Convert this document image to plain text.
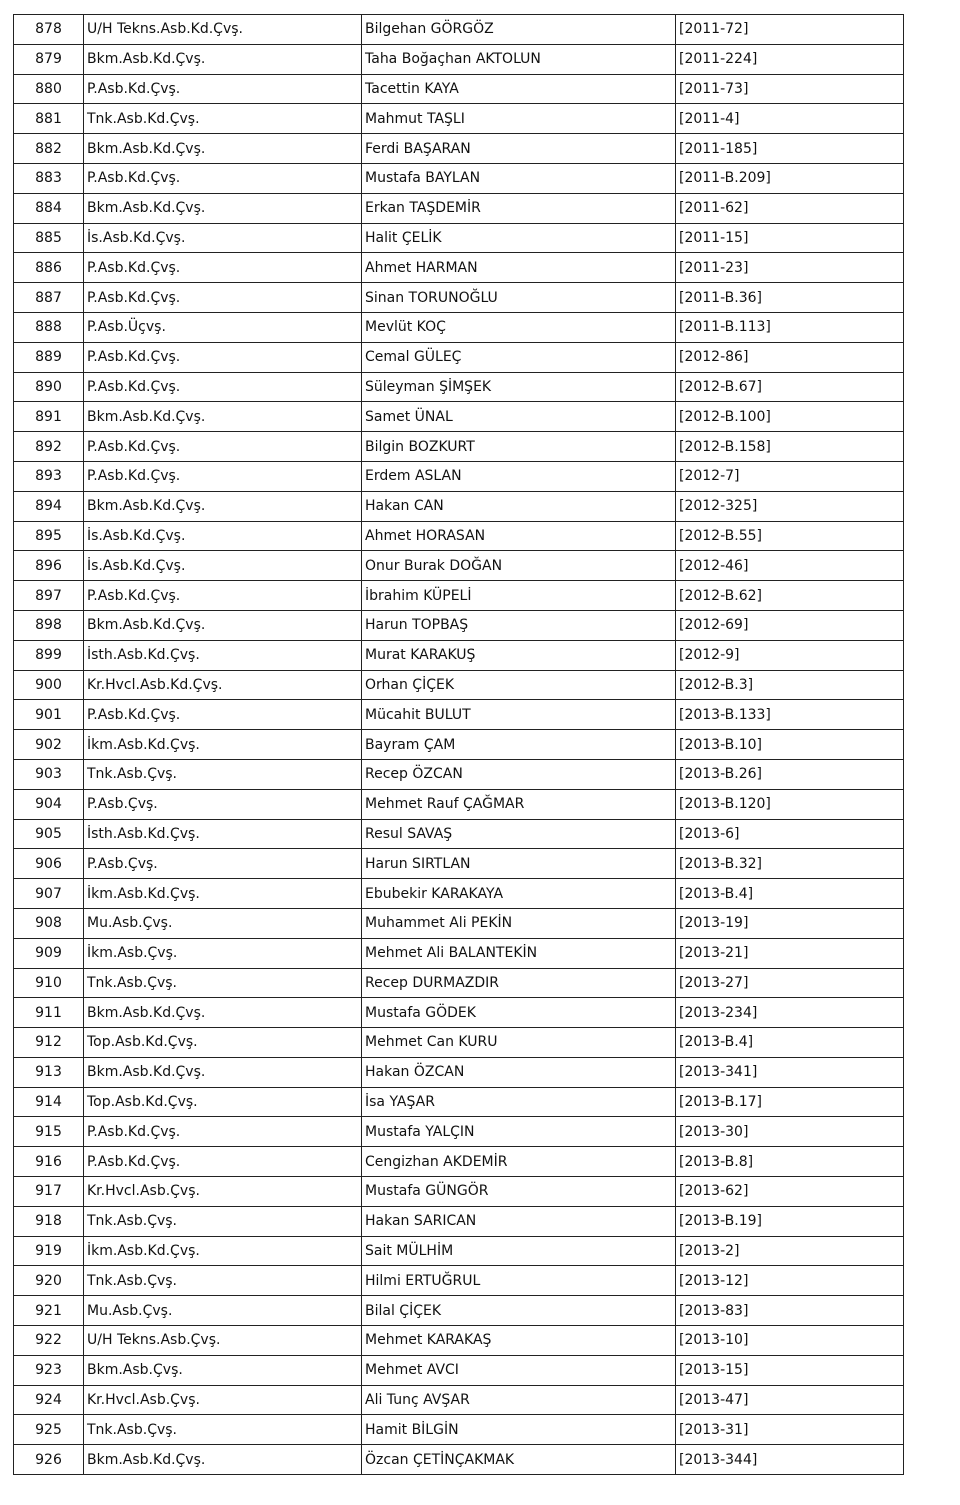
878	U/H Tekns.Asb.Kd.Çvş.	Bilgehan GÖRGÖZ	[2011-72]
879	Bkm.Asb.Kd.Çvş.	Taha Boğaçhan AKTOLUN	[2011-224]
880	P.Asb.Kd.Çvş.	Tacettin KAYA	[2011-73]
881	Tnk.Asb.Kd.Çvş.	Mahmut TAŞLI	[2011-4]
882	Bkm.Asb.Kd.Çvş.	Ferdi BAŞARAN	[2011-185]
883	P.Asb.Kd.Çvş.	Mustafa BAYLAN	[2011-B.209]
884	Bkm.Asb.Kd.Çvş.	Erkan TAŞDEMİR	[2011-62]
885	İs.Asb.Kd.Çvş.	Halit ÇELİK	[2011-15]
886	P.Asb.Kd.Çvş.	Ahmet HARMAN	[2011-23]
887	P.Asb.Kd.Çvş.	Sinan TORUNOĞLU	[2011-B.36]
888	P.Asb.Üçvş.	Mevlüt KOÇ	[2011-B.113]
889	P.Asb.Kd.Çvş.	Cemal GÜLEÇ	[2012-86]
890	P.Asb.Kd.Çvş.	Süleyman ŞİMŞEK	[2012-B.67]
891	Bkm.Asb.Kd.Çvş.	Samet ÜNAL	[2012-B.100]
892	P.Asb.Kd.Çvş.	Bilgin BOZKURT	[2012-B.158]
893	P.Asb.Kd.Çvş.	Erdem ASLAN	[2012-7]
894	Bkm.Asb.Kd.Çvş.	Hakan CAN	[2012-325]
895	İs.Asb.Kd.Çvş.	Ahmet HORASAN	[2012-B.55]
896	İs.Asb.Kd.Çvş.	Onur Burak DOĞAN	[2012-46]
897	P.Asb.Kd.Çvş.	İbrahim KÜPELİ	[2012-B.62]
898	Bkm.Asb.Kd.Çvş.	Harun TOPBAŞ	[2012-69]
899	İsth.Asb.Kd.Çvş.	Murat KARAKUŞ	[2012-9]
900	Kr.Hvcl.Asb.Kd.Çvş.	Orhan ÇİÇEK	[2012-B.3]
901	P.Asb.Kd.Çvş.	Mücahit BULUT	[2013-B.133]
902	İkm.Asb.Kd.Çvş.	Bayram ÇAM	[2013-B.10]
903	Tnk.Asb.Çvş.	Recep ÖZCAN	[2013-B.26]
904	P.Asb.Çvş.	Mehmet Rauf ÇAĞMAR	[2013-B.120]
905	İsth.Asb.Kd.Çvş.	Resul SAVAŞ	[2013-6]
906	P.Asb.Çvş.	Harun SIRTLAN	[2013-B.32]
907	İkm.Asb.Kd.Çvş.	Ebubekir KARAKAYA	[2013-B.4]
908	Mu.Asb.Çvş.	Muhammet Ali PEKİN	[2013-19]
909	İkm.Asb.Çvş.	Mehmet Ali BALANTEKİN	[2013-21]
910	Tnk.Asb.Çvş.	Recep DURMAZDIR	[2013-27]
911	Bkm.Asb.Kd.Çvş.	Mustafa GÖDEK	[2013-234]
912	Top.Asb.Kd.Çvş.	Mehmet Can KURU	[2013-B.4]
913	Bkm.Asb.Kd.Çvş.	Hakan ÖZCAN	[2013-341]
914	Top.Asb.Kd.Çvş.	İsa YAŞAR	[2013-B.17]
915	P.Asb.Kd.Çvş.	Mustafa YALÇIN	[2013-30]
916	P.Asb.Kd.Çvş.	Cengizhan AKDEMİR	[2013-B.8]
917	Kr.Hvcl.Asb.Çvş.	Mustafa GÜNGÖR	[2013-62]
918	Tnk.Asb.Çvş.	Hakan SARICAN	[2013-B.19]
919	İkm.Asb.Kd.Çvş.	Sait MÜLHİM	[2013-2]
920	Tnk.Asb.Çvş.	Hilmi ERTUĞRUL	[2013-12]
921	Mu.Asb.Çvş.	Bilal ÇİÇEK	[2013-83]
922	U/H Tekns.Asb.Çvş.	Mehmet KARAKAŞ	[2013-10]
923	Bkm.Asb.Çvş.	Mehmet AVCI	[2013-15]
924	Kr.Hvcl.Asb.Çvş.	Ali Tunç AVŞAR	[2013-47]
925	Tnk.Asb.Çvş.	Hamit BİLGİN	[2013-31]
926	Bkm.Asb.Kd.Çvş.	Özcan ÇETİNÇAKMAK	[2013-344]
